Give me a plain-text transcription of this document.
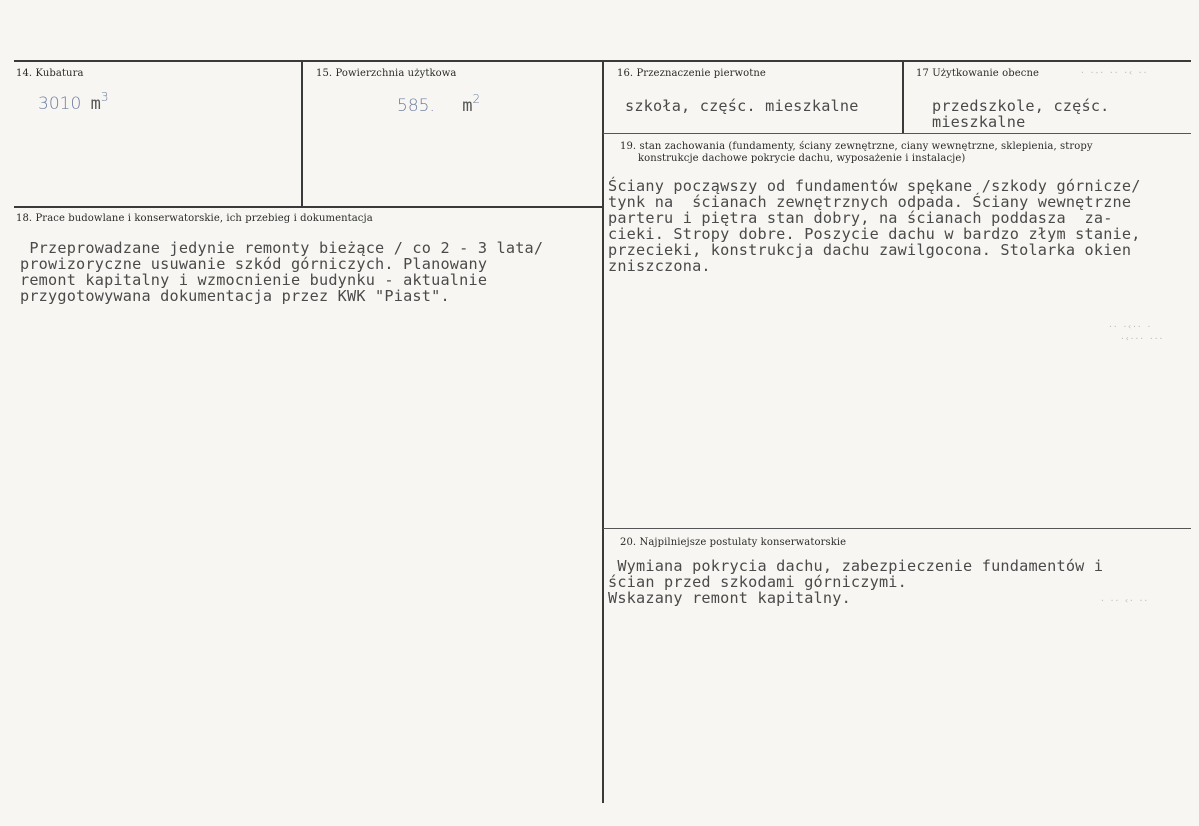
14. Kubatura
3010 $m^3$
15. Powierzchnia użytkowa
585. $m^2$
16. Przeznaczenie pierwotne
szkoła, częśc. mieszkalne
17 Użytkowanie obecne
przedszkole, częśc.
mieszkalne
18. Prace budowlane i konserwatorskie, ich przebieg i dokumentacja
Przeprowadzane jedynie remonty bieżące / co 2 - 3 lata/
prowizoryczne usuwanie szkód górniczych. Planowany
remont kapitalny i wzmocnienie budynku - aktualnie
przygotowywana dokumentacja przez KWK "Piast".
19. stan zachowania (fundamenty, ściany zewnętrzne, ciany wewnętrzne, sklepienia, stropy
konstrukcje dachowe pokrycie dachu, wyposażenie i instalacje)
Ściany począwszy od fundamentów spękane /szkody górnicze/
tynk na  ścianach zewnętrznych odpada. Ściany wewnętrzne
parteru i piętra stan dobry, na ścianach poddasza  za-
cieki. Stropy dobre. Poszycie dachu w bardzo złym stanie,
przecieki, konstrukcja dachu zawilgocona. Stolarka okien
zniszczona.
20. Najpilniejsze postulaty konserwatorskie
Wymiana pokrycia dachu, zabezpieczenie fundamentów i
ścian przed szkodami górniczymi.
Wskazany remont kapitalny.
· ·-· ·· ·‹ ··
·· ·‹·· ·
·‹··· ···
· ·· ‹· ··
